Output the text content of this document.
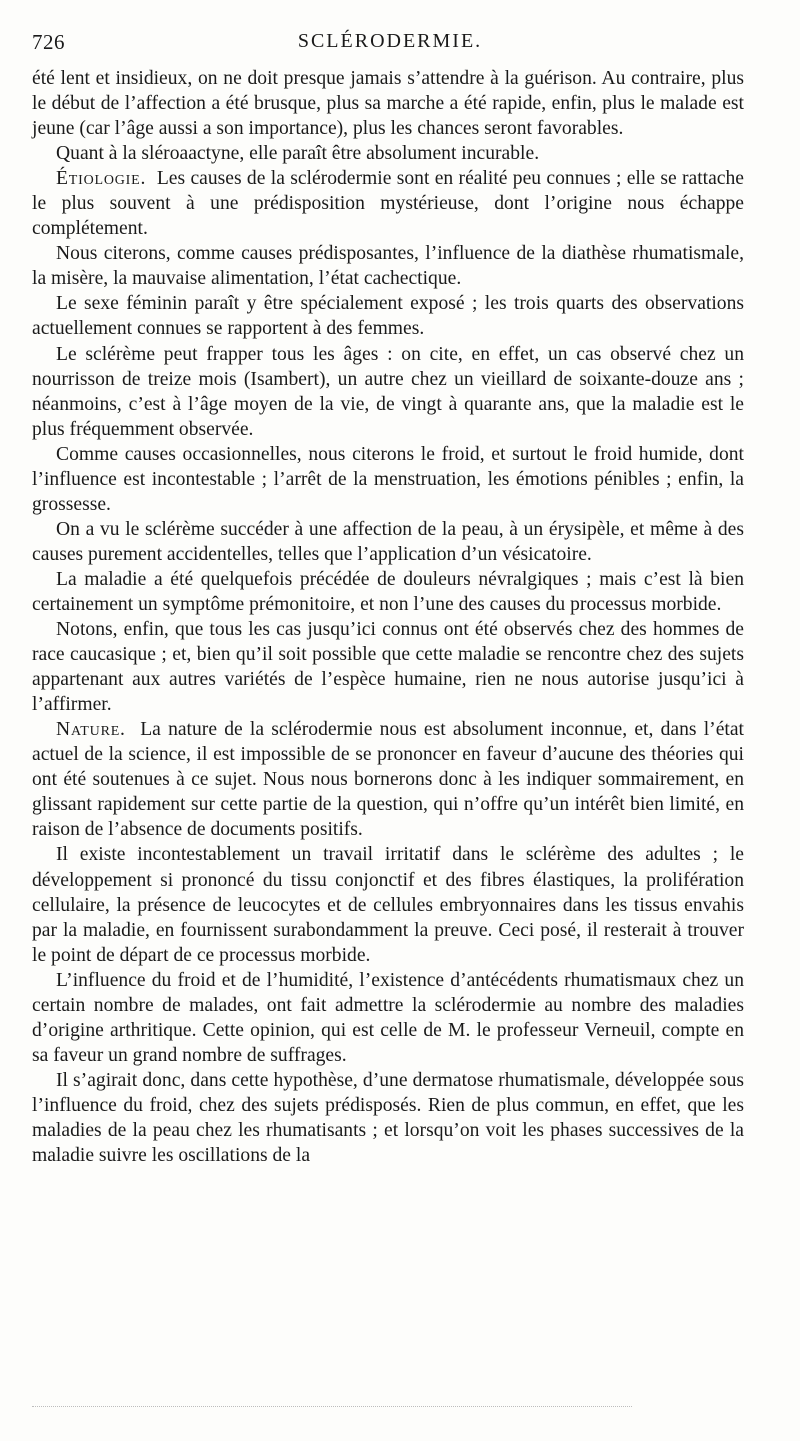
726	SCLÉRODERMIE.

été lent et insidieux, on ne doit presque jamais s’attendre à la guérison. Au contraire, plus le début de l’affection a été brusque, plus sa marche a été rapide, enfin, plus le malade est jeune (car l’âge aussi a son importance), plus les chances seront favorables.

Quant à la sléroaactyne, elle paraît être absolument incurable.

Étiologie. Les causes de la sclérodermie sont en réalité peu connues ; elle se rattache le plus souvent à une prédisposition mystérieuse, dont l’origine nous échappe complétement.

Nous citerons, comme causes prédisposantes, l’influence de la diathèse rhumatismale, la misère, la mauvaise alimentation, l’état cachectique.

Le sexe féminin paraît y être spécialement exposé ; les trois quarts des observations actuellement connues se rapportent à des femmes.

Le sclérème peut frapper tous les âges : on cite, en effet, un cas observé chez un nourrisson de treize mois (Isambert), un autre chez un vieillard de soixante-douze ans ; néanmoins, c’est à l’âge moyen de la vie, de vingt à quarante ans, que la maladie est le plus fréquemment observée.

Comme causes occasionnelles, nous citerons le froid, et surtout le froid humide, dont l’influence est incontestable ; l’arrêt de la menstruation, les émotions pénibles ; enfin, la grossesse.

On a vu le sclérème succéder à une affection de la peau, à un érysipèle, et même à des causes purement accidentelles, telles que l’application d’un vésicatoire.

La maladie a été quelquefois précédée de douleurs névralgiques ; mais c’est là bien certainement un symptôme prémonitoire, et non l’une des causes du processus morbide.

Notons, enfin, que tous les cas jusqu’ici connus ont été observés chez des hommes de race caucasique ; et, bien qu’il soit possible que cette maladie se rencontre chez des sujets appartenant aux autres variétés de l’espèce humaine, rien ne nous autorise jusqu’ici à l’affirmer.

Nature. La nature de la sclérodermie nous est absolument inconnue, et, dans l’état actuel de la science, il est impossible de se prononcer en faveur d’aucune des théories qui ont été soutenues à ce sujet. Nous nous bornerons donc à les indiquer sommairement, en glissant rapidement sur cette partie de la question, qui n’offre qu’un intérêt bien limité, en raison de l’absence de documents positifs.

Il existe incontestablement un travail irritatif dans le sclérème des adultes ; le développement si prononcé du tissu conjonctif et des fibres élastiques, la prolifération cellulaire, la présence de leucocytes et de cellules embryonnaires dans les tissus envahis par la maladie, en fournissent surabondamment la preuve. Ceci posé, il resterait à trouver le point de départ de ce processus morbide.

L’influence du froid et de l’humidité, l’existence d’antécédents rhumatismaux chez un certain nombre de malades, ont fait admettre la sclérodermie au nombre des maladies d’origine arthritique. Cette opinion, qui est celle de M. le professeur Verneuil, compte en sa faveur un grand nombre de suffrages.

Il s’agirait donc, dans cette hypothèse, d’une dermatose rhumatismale, développée sous l’influence du froid, chez des sujets prédisposés. Rien de plus commun, en effet, que les maladies de la peau chez les rhumatisants ; et lorsqu’on voit les phases successives de la maladie suivre les oscillations de la
